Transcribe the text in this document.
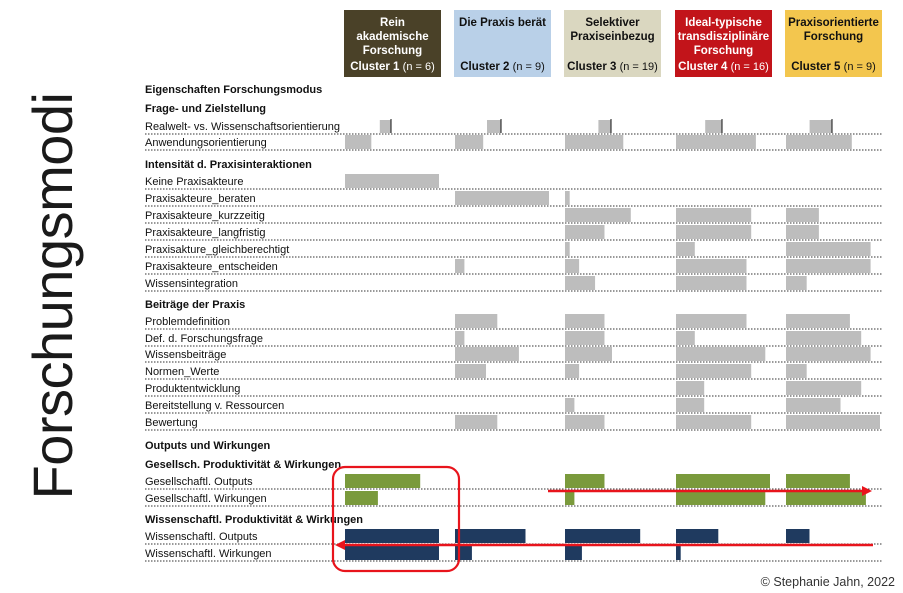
Forschungsmodi
Rein akademische Forschung
Cluster 1 (n = 6)
Die Praxis berät
Cluster 2 (n = 9)
Selektiver Praxiseinbezug
Cluster 3 (n = 19)
Ideal-typische transdisziplinäre Forschung
Cluster 4 (n = 16)
Praxisorientierte Forschung
Cluster 5 (n = 9)
Eigenschaften Forschungsmodus
Frage- und Zielstellung
Realwelt- vs. Wissenschaftsorientierung
Anwendungsorientierung
Intensität d. Praxisinteraktionen
Keine Praxisakteure
Praxisakteure_beraten
Praxisakteure_kurzzeitig
Praxisakteure_langfristig
Praxisakture_gleichberechtigt
Praxisakteure_entscheiden
Wissensintegration
Beiträge der Praxis
Problemdefinition
Def. d. Forschungsfrage
Wissensbeiträge
Normen_Werte
Produktentwicklung
Bereitstellung v. Ressourcen
Bewertung
Outputs und Wirkungen
Gesellsch. Produktivität & Wirkungen
Gesellschaftl. Outputs
Gesellschaftl. Wirkungen
Wissenschaftl. Produktivität & Wirkungen
Wissenschaftl. Outputs
Wissenschaftl. Wirkungen
© Stephanie Jahn, 2022
